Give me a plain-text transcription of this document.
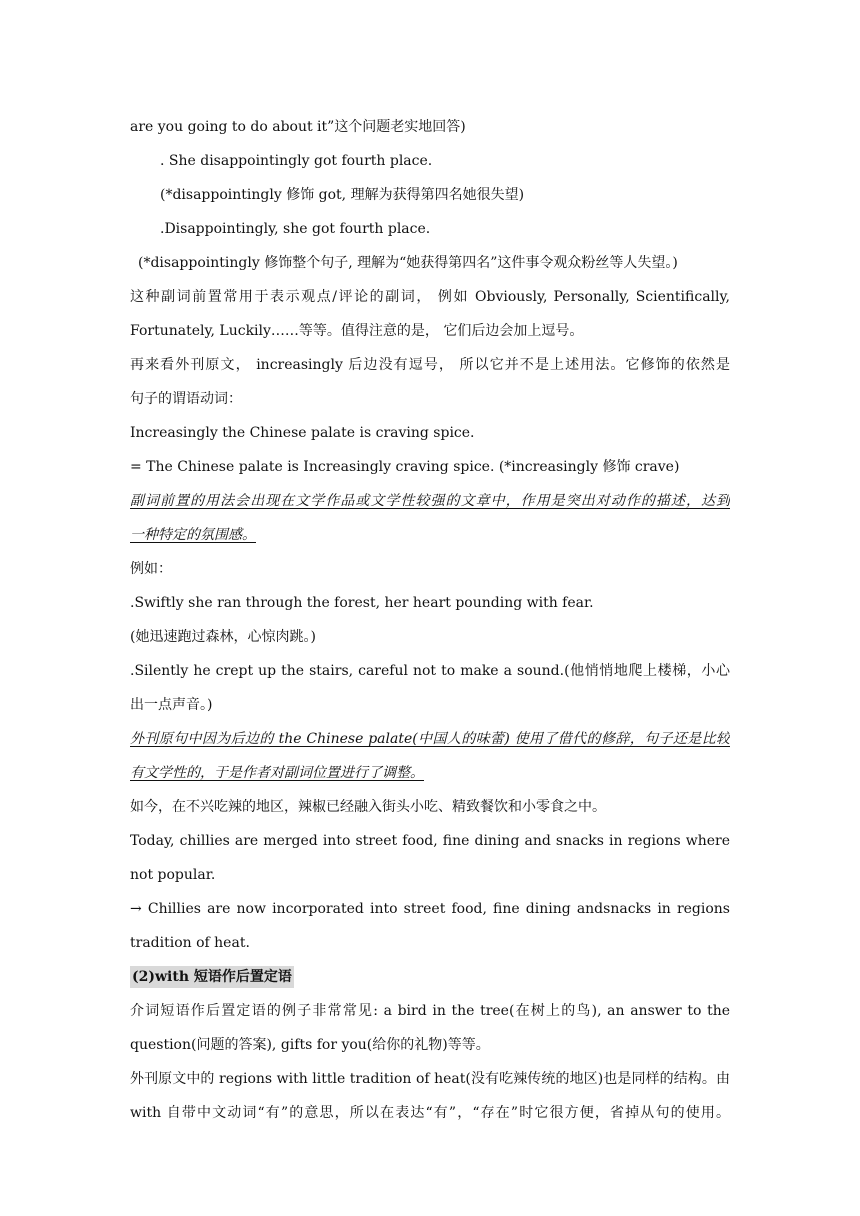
are you going to do about it”这个问题老实地回答)
. She disappointingly got fourth place.
(*disappointingly 修饰 got, 理解为获得第四名她很失望)
.Disappointingly, she got fourth place.
(*disappointingly 修饰整个句子, 理解为“她获得第四名”这件事令观众粉丝等人失望。)
这种副词前置常用于表示观点/评论的副词， 例如 Obviously, Personally, Scientifically,
Fortunately, Luckily……等等。值得注意的是， 它们后边会加上逗号。
再来看外刊原文， increasingly 后边没有逗号， 所以它并不是上述用法。它修饰的依然是
句子的谓语动词：
Increasingly the Chinese palate is craving spice.
= The Chinese palate is Increasingly craving spice. (*increasingly 修饰 crave)
副词前置的用法会出现在文学作品或文学性较强的文章中，作用是突出对动作的描述，达到
一种特定的氛围感。
例如：
.Swiftly she ran through the forest, her heart pounding with fear.
(她迅速跑过森林，心惊肉跳。)
.Silently he crept up the stairs, careful not to make a sound.(他悄悄地爬上楼梯，小心
出一点声音。)
外刊原句中因为后边的 the Chinese palate(中国人的味蕾) 使用了借代的修辞，句子还是比较
有文学性的，于是作者对副词位置进行了调整。
如今，在不兴吃辣的地区，辣椒已经融入街头小吃、精致餐饮和小零食之中。
Today, chillies are merged into street food, fine dining and snacks in regions where
not popular.
→ Chillies are now incorporated into street food, fine dining andsnacks in regions
tradition of heat.
(2)with 短语作后置定语
介词短语作后置定语的例子非常常见: a bird in the tree(在树上的鸟), an answer to the
question(问题的答案), gifts for you(给你的礼物)等等。
外刊原文中的 regions with little tradition of heat(没有吃辣传统的地区)也是同样的结构。由
with 自带中文动词“有”的意思，所以在表达“有”，“存在”时它很方便，省掉从句的使用。
